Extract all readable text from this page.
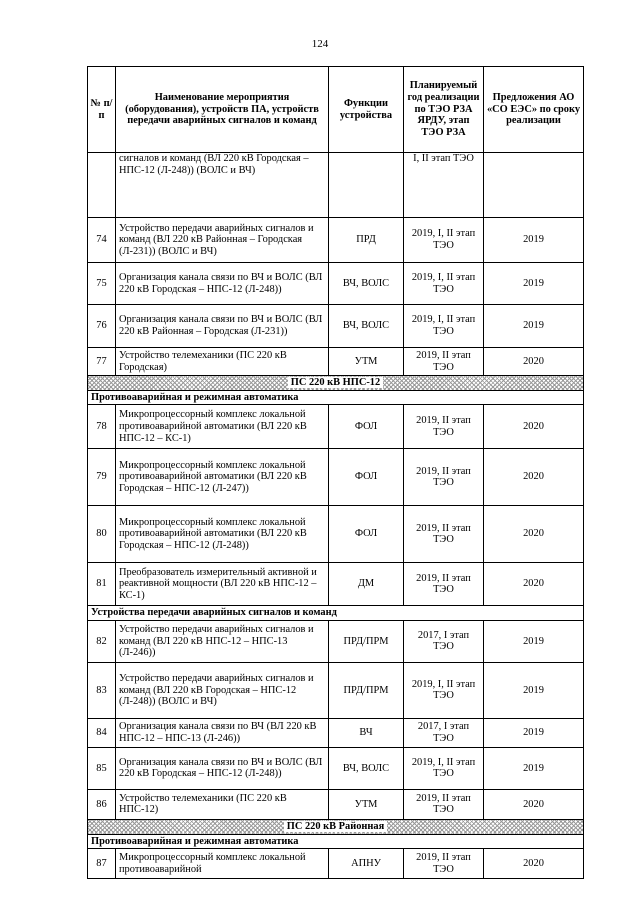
124
№ п/п	Наименование мероприятия (оборудования), устройств ПА, устройств передачи аварийных сигналов и команд	Функции устройства	Планируемый год реализации по ТЭО РЗА ЯРДУ, этап ТЭО РЗА	Предложения АО «СО ЕЭС» по сроку реализации
	сигналов и команд (ВЛ 220 кВ Городская – НПС-12 (Л-248)) (ВОЛС и ВЧ)		I, II этап ТЭО	
74	Устройство передачи аварийных сигналов и команд (ВЛ 220 кВ Районная – Городская (Л-231)) (ВОЛС и ВЧ)	ПРД	2019, I, II этап ТЭО	2019
75	Организация канала связи по ВЧ и ВОЛС (ВЛ 220 кВ Городская – НПС-12 (Л-248))	ВЧ, ВОЛС	2019, I, II этап ТЭО	2019
76	Организация канала связи по ВЧ и ВОЛС (ВЛ 220 кВ Районная – Городская (Л-231))	ВЧ, ВОЛС	2019, I, II этап ТЭО	2019
77	Устройство телемеханики (ПС 220 кВ Городская)	УТМ	2019, II этап ТЭО	2020
ПС 220 кВ НПС-12				
Противоаварийная и режимная автоматика				
78	Микропроцессорный комплекс локальной противоаварийной автоматики (ВЛ 220 кВ НПС-12 – КС-1)	ФОЛ	2019, II этап ТЭО	2020
79	Микропроцессорный комплекс локальной противоаварийной автоматики (ВЛ 220 кВ Городская – НПС-12 (Л-247))	ФОЛ	2019, II этап ТЭО	2020
80	Микропроцессорный комплекс локальной противоаварийной автоматики (ВЛ 220 кВ Городская – НПС-12 (Л-248))	ФОЛ	2019, II этап ТЭО	2020
81	Преобразователь измерительный активной и реактивной мощности (ВЛ 220 кВ НПС-12 – КС-1)	ДМ	2019, II этап ТЭО	2020
Устройства передачи аварийных сигналов и команд				
82	Устройство передачи аварийных сигналов и команд (ВЛ 220 кВ НПС-12 – НПС-13 (Л-246))	ПРД/ПРМ	2017, I этап ТЭО	2019
83	Устройство передачи аварийных сигналов и команд (ВЛ 220 кВ Городская – НПС-12 (Л-248)) (ВОЛС и ВЧ)	ПРД/ПРМ	2019, I, II этап ТЭО	2019
84	Организация канала связи по ВЧ (ВЛ 220 кВ НПС-12 – НПС-13 (Л-246))	ВЧ	2017, I этап ТЭО	2019
85	Организация канала связи по ВЧ и ВОЛС (ВЛ 220 кВ Городская – НПС-12 (Л-248))	ВЧ, ВОЛС	2019, I, II этап ТЭО	2019
86	Устройство телемеханики (ПС 220 кВ НПС-12)	УТМ	2019, II этап ТЭО	2020
ПС 220 кВ Районная				
Противоаварийная и режимная автоматика				
87	Микропроцессорный комплекс локальной противоаварийной	АПНУ	2019, II этап ТЭО	2020
